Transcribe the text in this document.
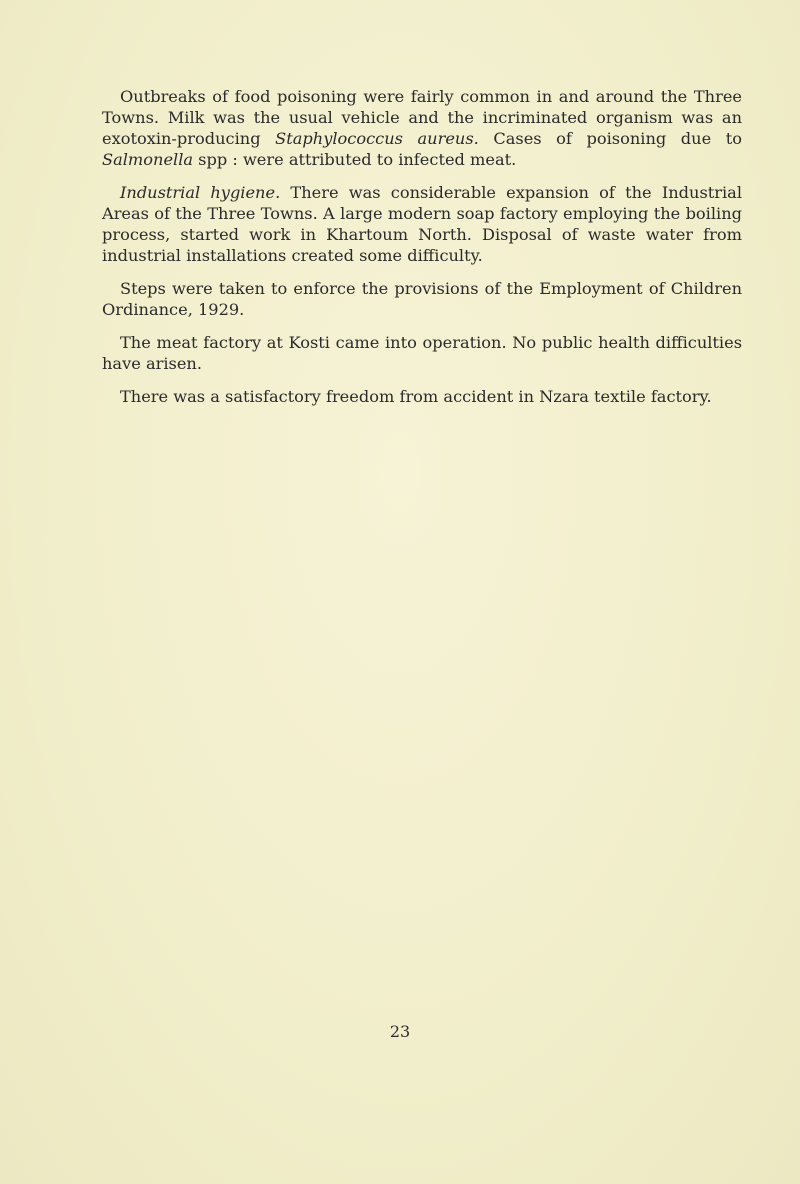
Outbreaks of food poisoning were fairly common in and around the Three Towns. Milk was the usual vehicle and the incriminated organism was an exotoxin-producing Staphylococcus aureus. Cases of poisoning due to Salmonella spp : were attributed to infected meat.

Industrial hygiene. There was considerable expansion of the Industrial Areas of the Three Towns. A large modern soap factory employing the boiling process, started work in Khartoum North. Disposal of waste water from industrial installations created some difficulty.

Steps were taken to enforce the provisions of the Employment of Children Ordinance, 1929.

The meat factory at Kosti came into operation. No public health difficulties have arisen.

There was a satisfactory freedom from accident in Nzara textile factory.

23
